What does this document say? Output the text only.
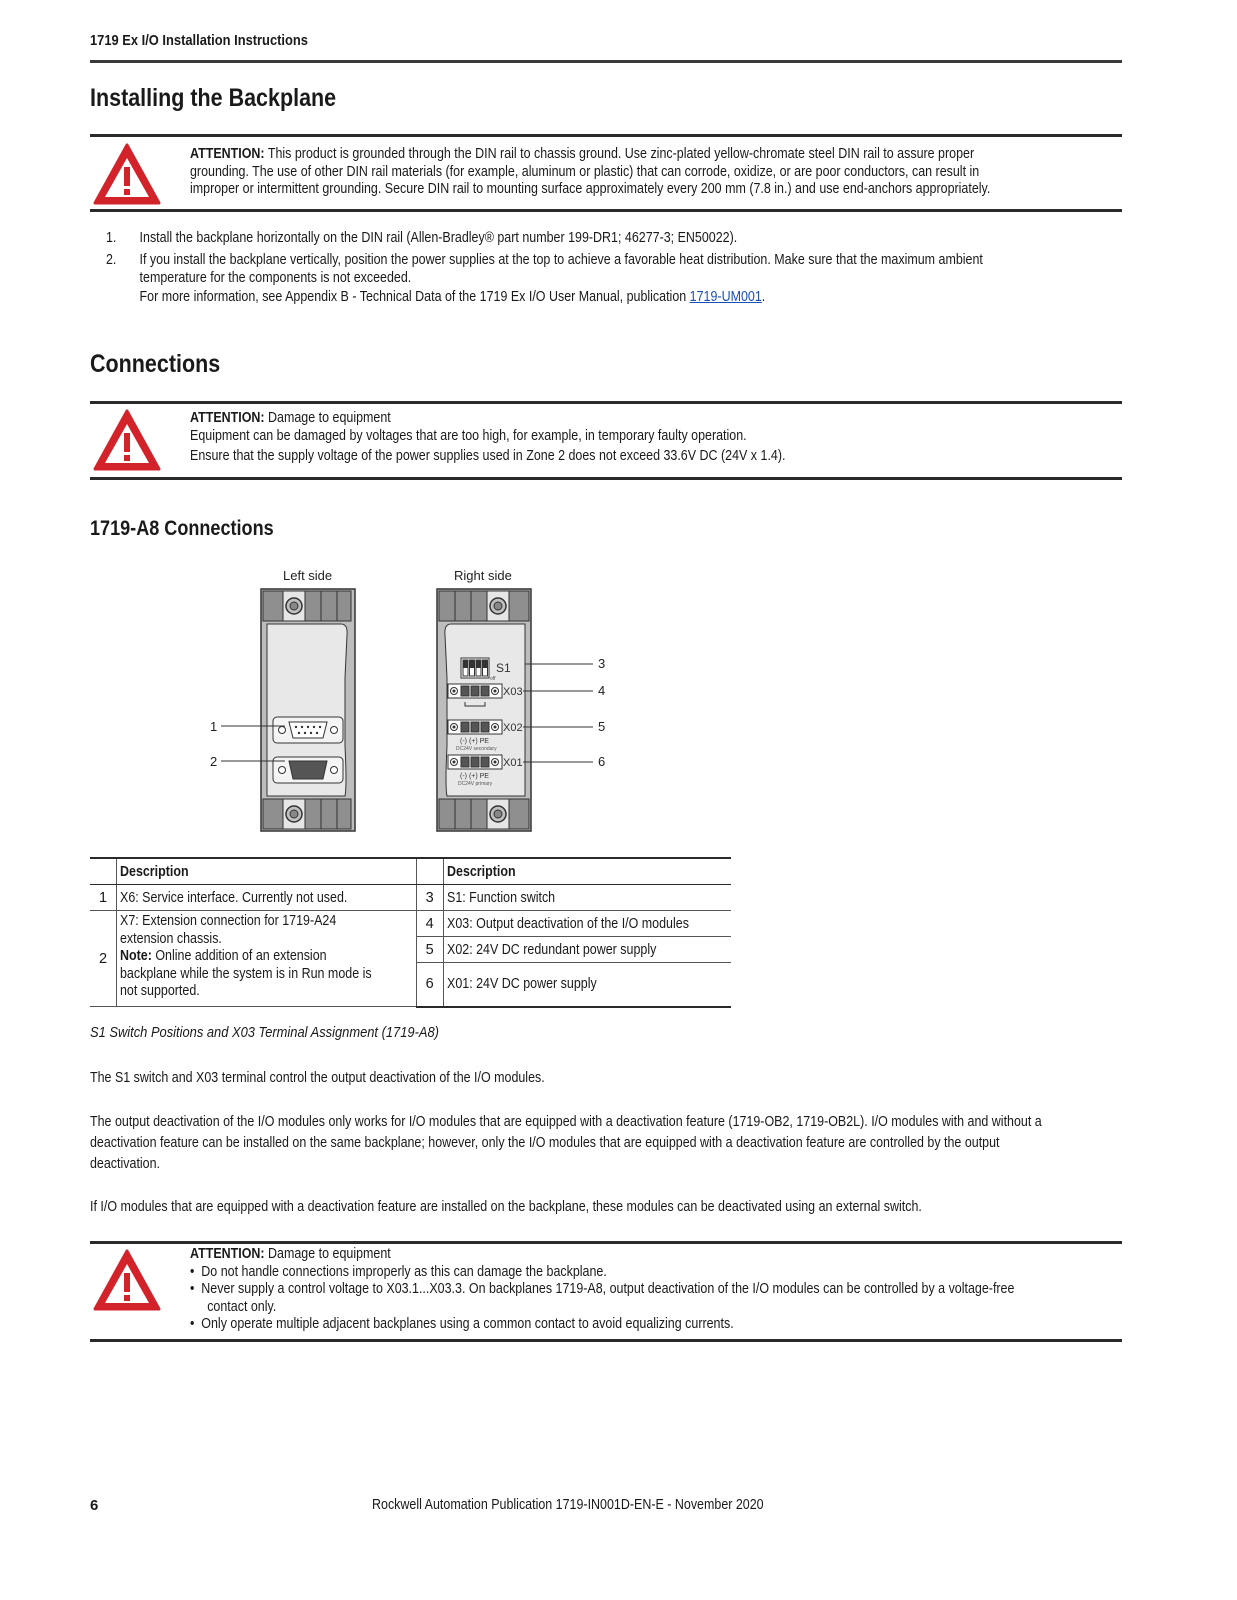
1719 Ex I/O Installation Instructions
Installing the Backplane
ATTENTION: This product is grounded through the DIN rail to chassis ground. Use zinc-plated yellow-chromate steel DIN rail to assure proper
grounding. The use of other DIN rail materials (for example, aluminum or plastic) that can corrode, oxidize, or are poor conductors, can result in
improper or intermittent grounding. Secure DIN rail to mounting surface approximately every 200 mm (7.8 in.) and use end-anchors appropriately.
1. Install the backplane horizontally on the DIN rail (Allen-Bradley® part number 199-DR1; 46277-3; EN50022).
2. If you install the backplane vertically, position the power supplies at the top to achieve a favorable heat distribution. Make sure that the maximum ambient
temperature for the components is not exceeded.
For more information, see Appendix B - Technical Data of the 1719 Ex I/O User Manual, publication 1719-UM001.
Connections
ATTENTION: Damage to equipment
Equipment can be damaged by voltages that are too high, for example, in temporary faulty operation.
Ensure that the supply voltage of the power supplies used in Zone 2 does not exceed 33.6V DC (24V x 1.4).
1719-A8 Connections
Left side	Right side
S1
off
X03
X02
(-) (+) PE
DC24V secondary
X01
(-) (+) PE
DC24V primary
1
2
3
4
5
6
	Description		Description
1	X6: Service interface. Currently not used.	3	S1: Function switch
2	X7: Extension connection for 1719-A24
extension chassis.
Note: Online addition of an extension
backplane while the system is in Run mode is
not supported.	4	X03: Output deactivation of the I/O modules
		5	X02: 24V DC redundant power supply
		6	X01: 24V DC power supply
S1 Switch Positions and X03 Terminal Assignment (1719-A8)
The S1 switch and X03 terminal control the output deactivation of the I/O modules.
The output deactivation of the I/O modules only works for I/O modules that are equipped with a deactivation feature (1719-OB2, 1719-OB2L). I/O modules with and without a
deactivation feature can be installed on the same backplane; however, only the I/O modules that are equipped with a deactivation feature are controlled by the output
deactivation.
If I/O modules that are equipped with a deactivation feature are installed on the backplane, these modules can be deactivated using an external switch.
ATTENTION: Damage to equipment
•  Do not handle connections improperly as this can damage the backplane.
•  Never supply a control voltage to X03.1...X03.3. On backplanes 1719-A8, output deactivation of the I/O modules can be controlled by a voltage-free
contact only.
•  Only operate multiple adjacent backplanes using a common contact to avoid equalizing currents.
6	Rockwell Automation Publication 1719-IN001D-EN-E - November 2020
